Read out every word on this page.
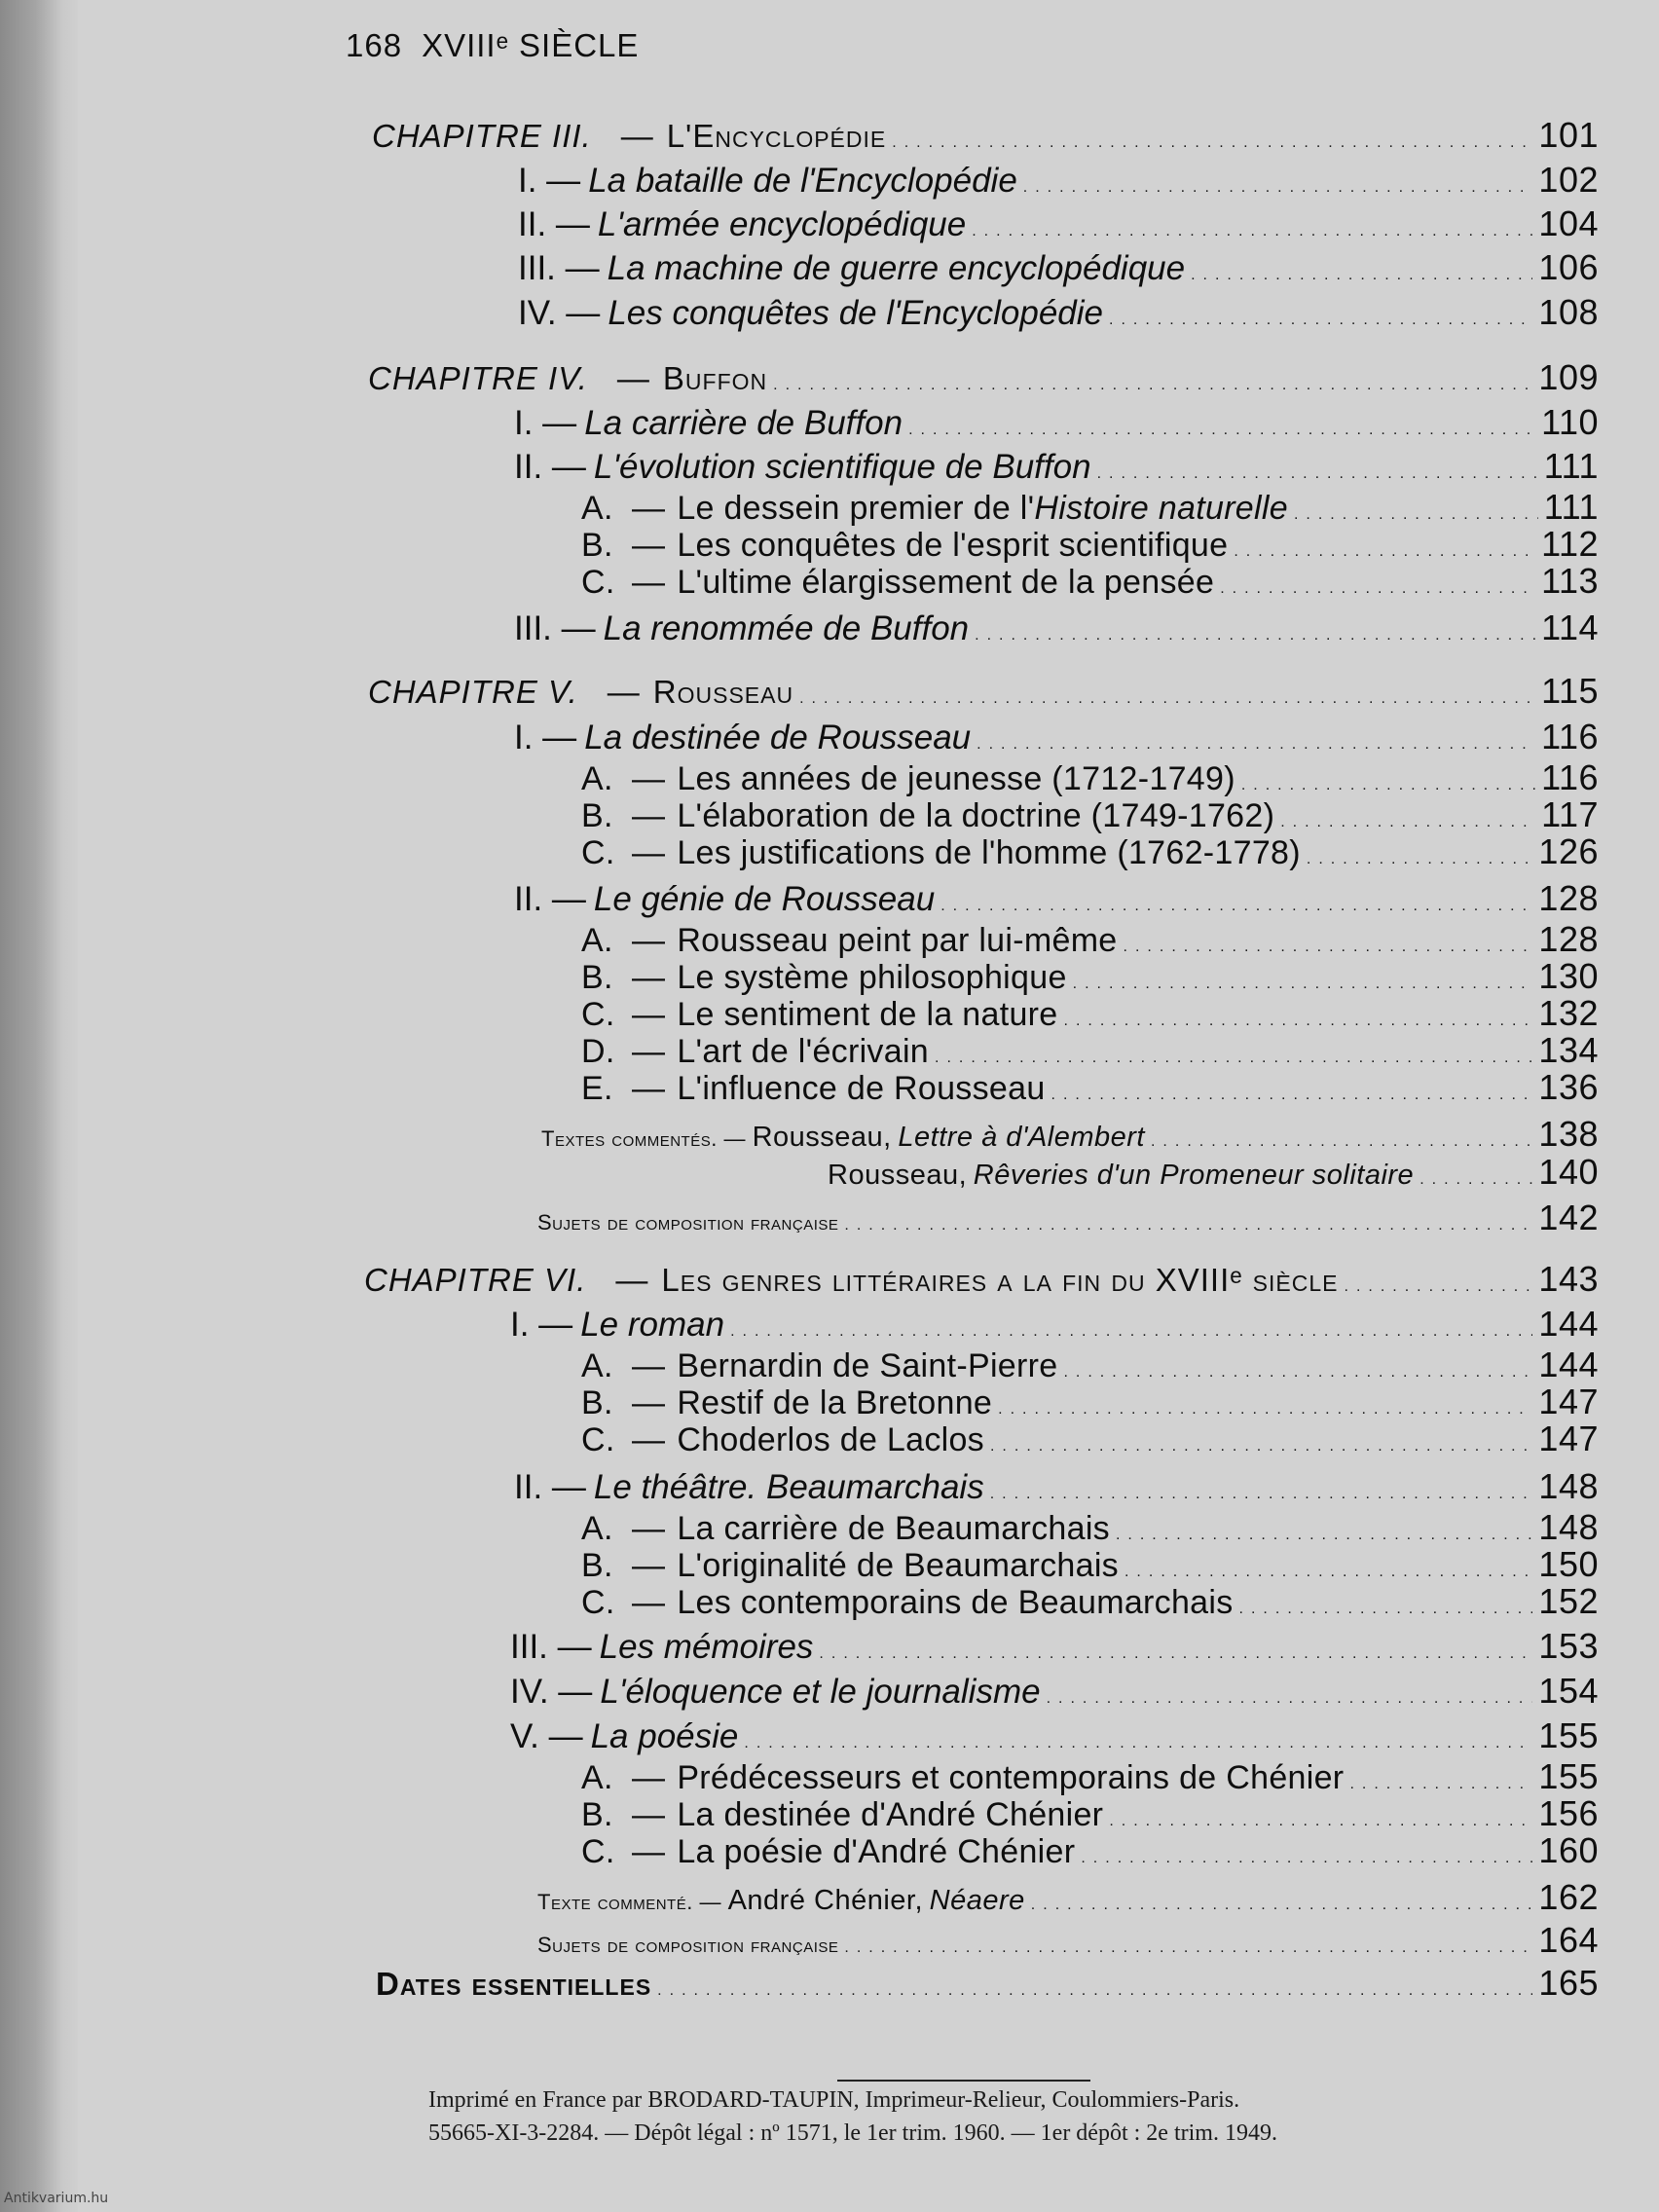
168 XVIIIᵉ SIÈCLE
CHAPITRE III. — L'Encyclopédie .....	101
I. — La bataille de l'Encyclopédie .....	102
II. — L'armée encyclopédique .....	104
III. — La machine de guerre encyclopédique .....	106
IV. — Les conquêtes de l'Encyclopédie .....	108
CHAPITRE IV. — Buffon .....	109
I. — La carrière de Buffon .....	110
II. — L'évolution scientifique de Buffon .....	111
A. — Le dessein premier de l'Histoire naturelle .....	111
B. — Les conquêtes de l'esprit scientifique .....	112
C. — L'ultime élargissement de la pensée .....	113
III. — La renommée de Buffon .....	114
CHAPITRE V. — Rousseau .....	115
I. — La destinée de Rousseau .....	116
A. — Les années de jeunesse (1712-1749) .....	116
B. — L'élaboration de la doctrine (1749-1762) .....	117
C. — Les justifications de l'homme (1762-1778) .....	126
II. — Le génie de Rousseau .....	128
A. — Rousseau peint par lui-même .....	128
B. — Le système philosophique .....	130
C. — Le sentiment de la nature .....	132
D. — L'art de l'écrivain .....	134
E. — L'influence de Rousseau .....	136
Textes commentés. — Rousseau, Lettre à d'Alembert .....	138
Rousseau, Rêveries d'un Promeneur solitaire .....	140
Sujets de composition française .....	142
CHAPITRE VI. — Les genres littéraires a la fin du XVIIIᵉ siècle .....	143
I. — Le roman .....	144
A. — Bernardin de Saint-Pierre .....	144
B. — Restif de la Bretonne .....	147
C. — Choderlos de Laclos .....	147
II. — Le théâtre. Beaumarchais .....	148
A. — La carrière de Beaumarchais .....	148
B. — L'originalité de Beaumarchais .....	150
C. — Les contemporains de Beaumarchais .....	152
III. — Les mémoires .....	153
IV. — L'éloquence et le journalisme .....	154
V. — La poésie .....	155
A. — Prédécesseurs et contemporains de Chénier .....	155
B. — La destinée d'André Chénier .....	156
C. — La poésie d'André Chénier .....	160
Texte commenté. — André Chénier, Néaere .....	162
Sujets de composition française .....	164
Dates essentielles .....	165
Imprimé en France par BRODARD-TAUPIN, Imprimeur-Relieur, Coulommiers-Paris.
55665-XI-3-2284. — Dépôt légal : nº 1571, le 1er trim. 1960. — 1er dépôt : 2e trim. 1949.
Antikvarium.hu
